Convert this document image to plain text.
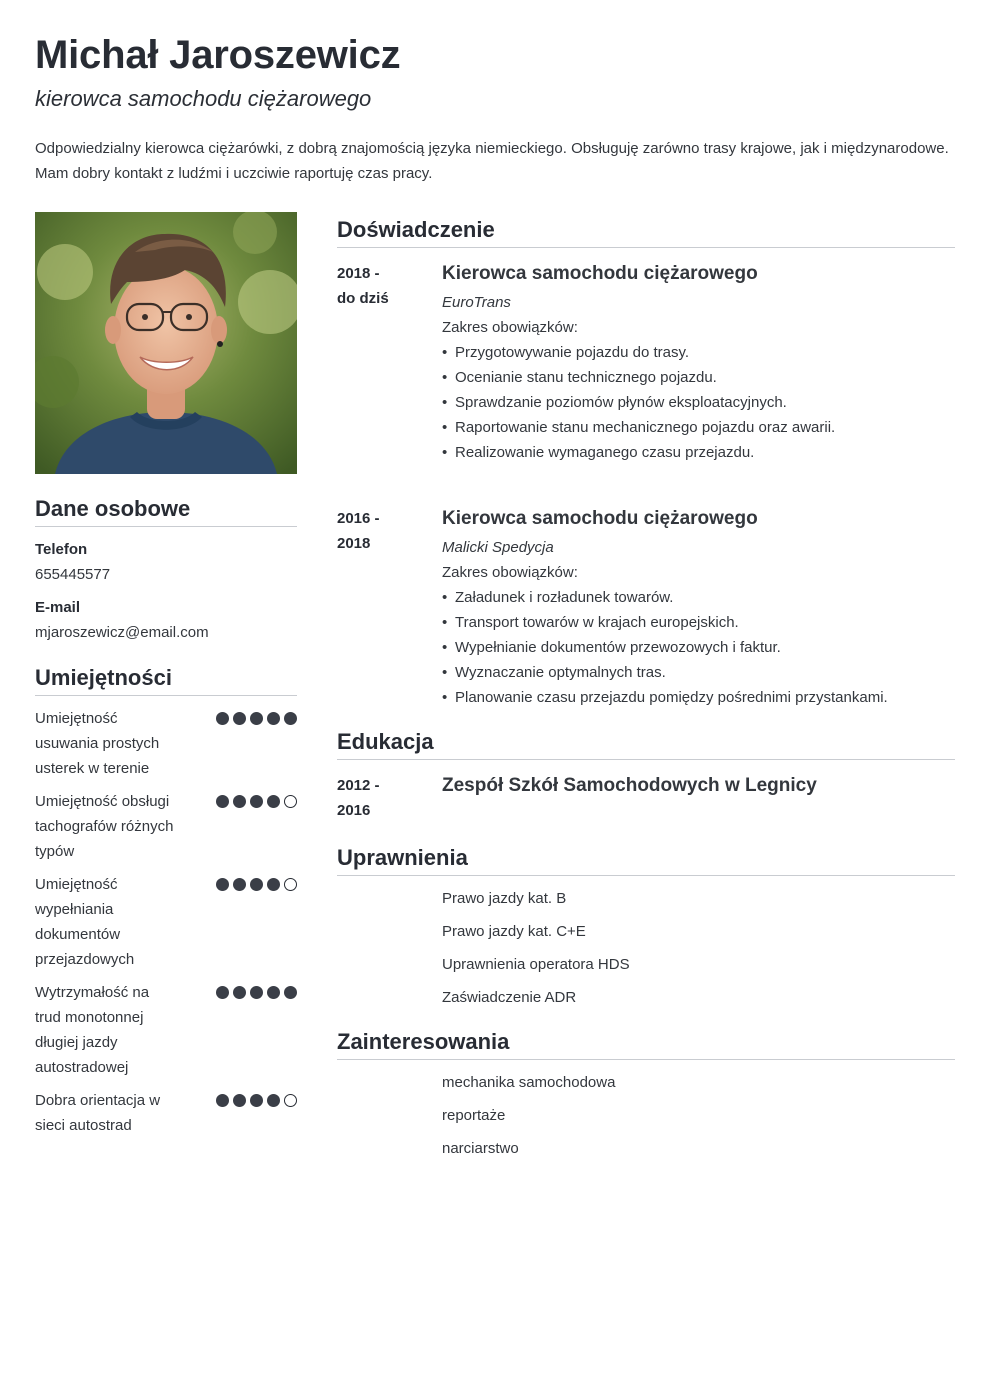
Michał Jaroszewicz
kierowca samochodu ciężarowego
Odpowiedzialny kierowca ciężarówki, z dobrą znajomością języka niemieckiego. Obsługuję zarówno trasy krajowe, jak i międzynarodowe. Mam dobry kontakt z ludźmi i uczciwie raportuję czas pracy.
Dane osobowe
Telefon
655445577
E-mail
mjaroszewicz@email.com
Umiejętności
Umiejętność usuwania prostych usterek w terenie
Umiejętność obsługi tachografów różnych typów
Umiejętność wypełniania dokumentów przejazdowych
Wytrzymałość na trud monotonnej długiej jazdy autostradowej
Dobra orientacja w sieci autostrad
Doświadczenie
2018 -
do dziś
Kierowca samochodu ciężarowego
EuroTrans
Zakres obowiązków:
• Przygotowywanie pojazdu do trasy.
• Ocenianie stanu technicznego pojazdu.
• Sprawdzanie poziomów płynów eksploatacyjnych.
• Raportowanie stanu mechanicznego pojazdu oraz awarii.
• Realizowanie wymaganego czasu przejazdu.
2016 -
2018
Kierowca samochodu ciężarowego
Malicki Spedycja
Zakres obowiązków:
• Załadunek i rozładunek towarów.
• Transport towarów w krajach europejskich.
• Wypełnianie dokumentów przewozowych i faktur.
• Wyznaczanie optymalnych tras.
• Planowanie czasu przejazdu pomiędzy pośrednimi przystankami.
Edukacja
2012 -
2016
Zespół Szkół Samochodowych w Legnicy
Uprawnienia
Prawo jazdy kat. B
Prawo jazdy kat. C+E
Uprawnienia operatora HDS
Zaświadczenie ADR
Zainteresowania
mechanika samochodowa
reportaże
narciarstwo
